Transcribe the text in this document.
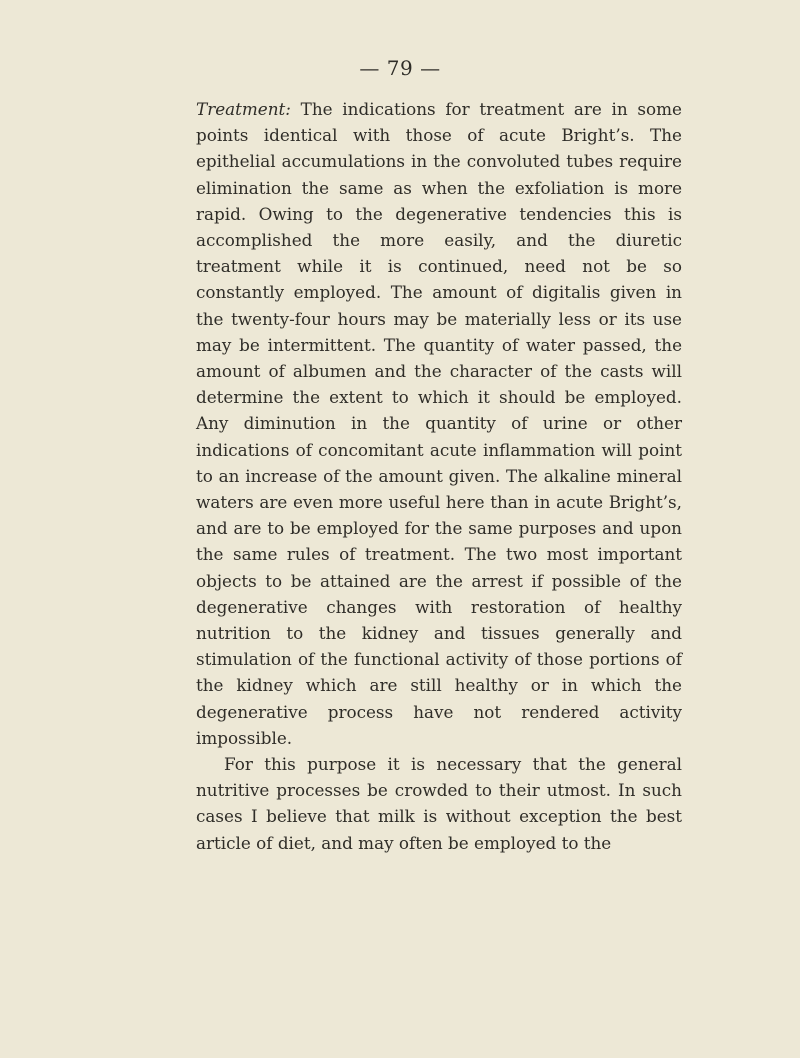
— 79 —

Treatment: The indications for treatment are in some points identical with those of acute Bright’s. The epithelial accumulations in the convoluted tubes require elimination the same as when the exfoliation is more rapid. Owing to the degenerative tendencies this is accomplished the more easily, and the diuretic treatment while it is continued, need not be so constantly employed. The amount of digitalis given in the twenty-four hours may be materially less or its use may be intermittent. The quantity of water passed, the amount of albumen and the character of the casts will determine the extent to which it should be employed. Any diminution in the quantity of urine or other indications of concomitant acute inflammation will point to an increase of the amount given. The alkaline mineral waters are even more useful here than in acute Bright’s, and are to be employed for the same purposes and upon the same rules of treatment. The two most important objects to be attained are the arrest if possible of the degenerative changes with restoration of healthy nutrition to the kidney and tissues generally and stimulation of the functional activity of those portions of the kidney which are still healthy or in which the degenerative process have not rendered activity impossible.

For this purpose it is necessary that the general nutritive processes be crowded to their utmost. In such cases I believe that milk is without exception the best article of diet, and may often be employed to the
